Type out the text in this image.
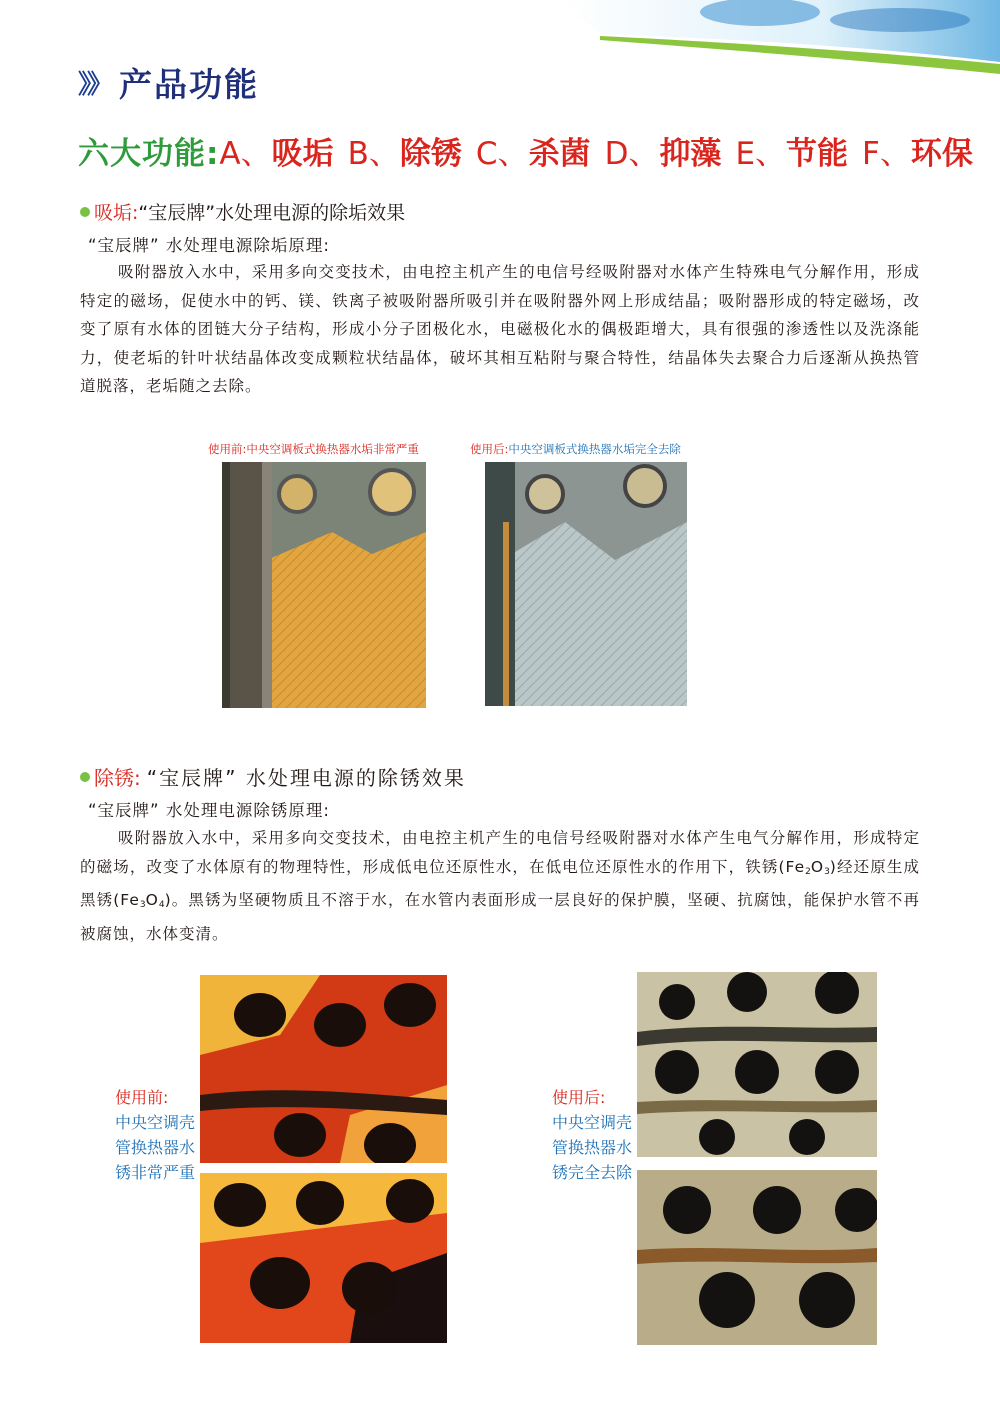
》》 产品功能
六大功能: A、吸垢 B、除锈 C、杀菌 D、抑藻 E、节能 F、环保
吸垢: “宝辰牌”水处理电源的除垢效果
“宝辰牌” 水处理电源除垢原理:
吸附器放入水中，采用多向交变技术，由电控主机产生的电信号经吸附器对水体产生特殊电气分解作用，形成特定的磁场，促使水中的钙、镁、铁离子被吸附器所吸引并在吸附器外网上形成结晶；吸附器形成的特定磁场，改变了原有水体的团链大分子结构，形成小分子团极化水，电磁极化水的偶极距增大，具有很强的渗透性以及洗涤能力，使老垢的针叶状结晶体改变成颗粒状结晶体，破坏其相互粘附与聚合特性，结晶体失去聚合力后逐渐从换热管道脱落，老垢随之去除。
使用前:中央空调板式换热器水垢非常严重	使用后:中央空调板式换热器水垢完全去除
除锈: “宝辰牌” 水处理电源的除锈效果
“宝辰牌” 水处理电源除锈原理:
吸附器放入水中，采用多向交变技术，由电控主机产生的电信号经吸附器对水体产生电气分解作用，形成特定的磁场，改变了水体原有的物理特性，形成低电位还原性水，在低电位还原性水的作用下，铁锈$(Fe_2O_3)$经还原生成黑锈$(Fe_3O_4)$。黑锈为坚硬物质且不溶于水，在水管内表面形成一层良好的保护膜，坚硬、抗腐蚀，能保护水管不再被腐蚀，水体变清。
使用前:
中央空调壳管换热器水锈非常严重
使用后:
中央空调壳管换热器水锈完全去除
